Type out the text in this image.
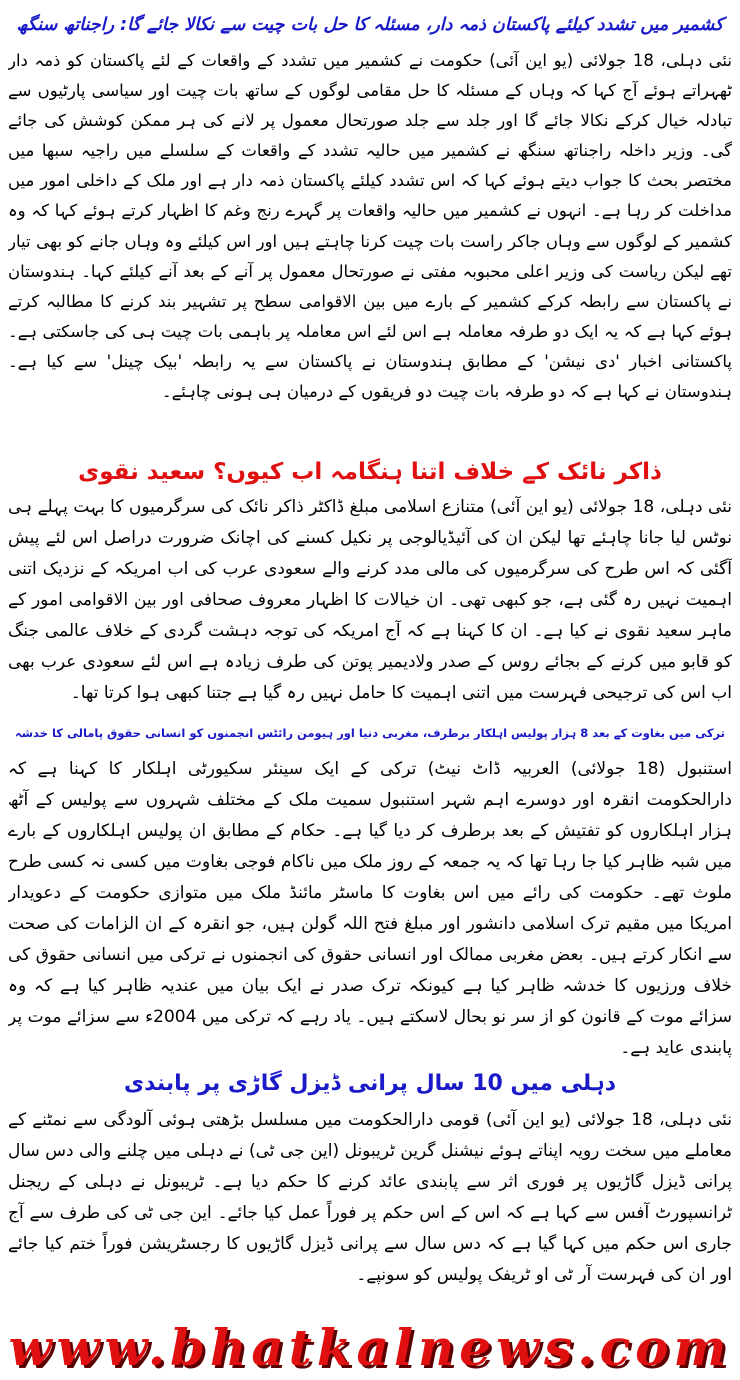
کشمیر میں تشدد کیلئے پاکستان ذمہ دار، مسئلہ کا حل بات چیت سے نکالا جائے گا: راجناتھ سنگھ

نئی دہلی، 18 جولائی (یو این آئی) حکومت نے کشمیر میں تشدد کے واقعات کے لئے پاکستان کو ذمہ دار ٹھہراتے ہوئے آج کہا کہ وہاں کے مسئلہ کا حل مقامی لوگوں کے ساتھ بات چیت اور سیاسی پارٹیوں سے تبادلہ خیال کرکے نکالا جائے گا اور جلد سے جلد صورتحال معمول پر لانے کی ہر ممکن کوشش کی جائے گی۔ وزیر داخلہ راجناتھ سنگھ نے کشمیر میں حالیہ تشدد کے واقعات کے سلسلے میں راجیہ سبھا میں مختصر بحث کا جواب دیتے ہوئے کہا کہ اس تشدد کیلئے پاکستان ذمہ دار ہے اور ملک کے داخلی امور میں مداخلت کر رہا ہے۔ انہوں نے کشمیر میں حالیہ واقعات پر گہرے رنج وغم کا اظہار کرتے ہوئے کہا کہ وہ کشمیر کے لوگوں سے وہاں جاکر راست بات چیت کرنا چاہتے ہیں اور اس کیلئے وہ وہاں جانے کو بھی تیار تھے لیکن ریاست کی وزیر اعلی محبوبہ مفتی نے صورتحال معمول پر آنے کے بعد آنے کیلئے کہا۔ ہندوستان نے پاکستان سے رابطہ کرکے کشمیر کے بارے میں بین الاقوامی سطح پر تشہیر بند کرنے کا مطالبہ کرتے ہوئے کہا ہے کہ یہ ایک دو طرفہ معاملہ ہے اس لئے اس معاملہ پر باہمی بات چیت ہی کی جاسکتی ہے۔ پاکستانی اخبار 'دی نیشن' کے مطابق ہندوستان نے پاکستان سے یہ رابطہ 'بیک چینل' سے کیا ہے۔ ہندوستان نے کہا ہے کہ دو طرفہ بات چیت دو فریقوں کے درمیان ہی ہونی چاہئے۔

ذاکر نائک کے خلاف اتنا ہنگامہ اب کیوں؟ سعید نقوی

نئی دہلی، 18 جولائی (یو این آئی) متنازع اسلامی مبلغ ڈاکٹر ذاکر نائک کی سرگرمیوں کا بہت پہلے ہی نوٹس لیا جانا چاہئے تھا لیکن ان کی آئیڈیالوجی پر نکیل کسنے کی اچانک ضرورت دراصل اس لئے پیش آگئی کہ اس طرح کی سرگرمیوں کی مالی مدد کرنے والے سعودی عرب کی اب امریکہ کے نزدیک اتنی اہمیت نہیں رہ گئی ہے، جو کبھی تھی۔ ان خیالات کا اظہار معروف صحافی اور بین الاقوامی امور کے ماہر سعید نقوی نے کیا ہے۔ ان کا کہنا ہے کہ آج امریکہ کی توجہ دہشت گردی کے خلاف عالمی جنگ کو قابو میں کرنے کے بجائے روس کے صدر ولادیمیر پوتن کی طرف زیادہ ہے اس لئے سعودی عرب بھی اب اس کی ترجیحی فہرست میں اتنی اہمیت کا حامل نہیں رہ گیا ہے جتنا کبھی ہوا کرتا تھا۔

ترکی میں بغاوت کے بعد 8 ہزار پولیس اہلکار برطرف، مغربی دنیا اور ہیومن رائٹس انجمنوں کو انسانی حقوق پامالی کا خدشہ

استنبول (18 جولائی) العربیہ ڈاٹ نیٹ) ترکی کے ایک سینئر سکیورٹی اہلکار کا کہنا ہے کہ دارالحکومت انقرہ اور دوسرے اہم شہر استنبول سمیت ملک کے مختلف شہروں سے پولیس کے آٹھ ہزار اہلکاروں کو تفتیش کے بعد برطرف کر دیا گیا ہے۔ حکام کے مطابق ان پولیس اہلکاروں کے بارے میں شبہ ظاہر کیا جا رہا تھا کہ یہ جمعہ کے روز ملک میں ناکام فوجی بغاوت میں کسی نہ کسی طرح ملوث تھے۔ حکومت کی رائے میں اس بغاوت کا ماسٹر مائنڈ ملک میں متوازی حکومت کے دعویدار امریکا میں مقیم ترک اسلامی دانشور اور مبلغ فتح اللہ گولن ہیں، جو انقرہ کے ان الزامات کی صحت سے انکار کرتے ہیں۔ بعض مغربی ممالک اور انسانی حقوق کی انجمنوں نے ترکی میں انسانی حقوق کی خلاف ورزیوں کا خدشہ ظاہر کیا ہے کیونکہ ترک صدر نے ایک بیان میں عندیہ ظاہر کیا ہے کہ وہ سزائے موت کے قانون کو از سر نو بحال لاسکتے ہیں۔ یاد رہے کہ ترکی میں 2004ء سے سزائے موت پر پابندی عاید ہے۔

دہلی میں 10 سال پرانی ڈیزل گاڑی پر پابندی

نئی دہلی، 18 جولائی (یو این آئی) قومی دارالحکومت میں مسلسل بڑھتی ہوئی آلودگی سے نمٹنے کے معاملے میں سخت رویہ اپناتے ہوئے نیشنل گرین ٹریبونل (این جی ٹی) نے دہلی میں چلنے والی دس سال پرانی ڈیزل گاڑیوں پر فوری اثر سے پابندی عائد کرنے کا حکم دیا ہے۔ ٹریبونل نے دہلی کے ریجنل ٹرانسپورٹ آفس سے کہا ہے کہ اس کے اس حکم پر فوراً عمل کیا جائے۔ این جی ٹی کی طرف سے آج جاری اس حکم میں کہا گیا ہے کہ دس سال سے پرانی ڈیزل گاڑیوں کا رجسٹریشن فوراً ختم کیا جائے اور ان کی فہرست آر ٹی او ٹریفک پولیس کو سونپے۔

www.bhatkalnews.com
